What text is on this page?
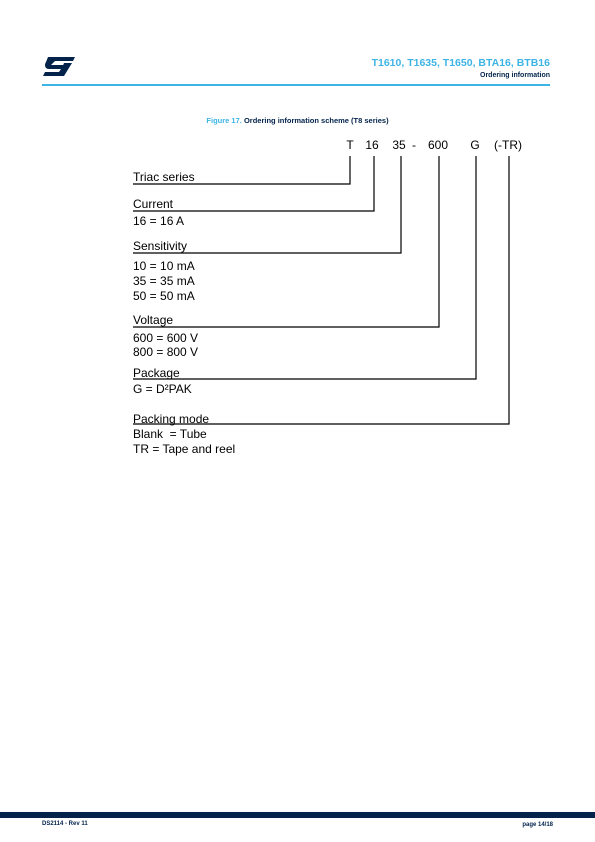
T1610, T1635, T1650, BTA16, BTB16
Ordering information
Figure 17. Ordering information scheme (T8 series)
T 16 35 - 600 G (-TR)
Triac series
Current
16 = 16 A
Sensitivity
10 = 10 mA
35 = 35 mA
50 = 50 mA
Voltage
600 = 600 V
800 = 800 V
Package
G = D²PAK
Packing mode
Blank  = Tube
TR = Tape and reel
DS2114 - Rev 11	page 14/18
